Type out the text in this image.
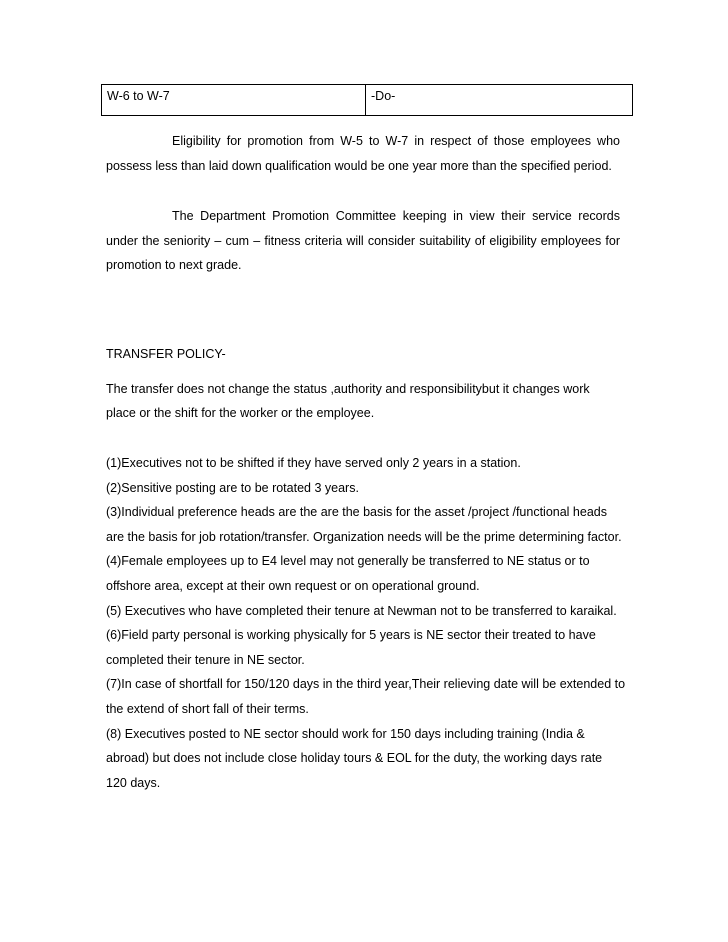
W-6 to W-7	-Do-

Eligibility for promotion from W-5 to W-7 in respect of those employees who possess less than laid down qualification would be one year more than the specified period.

The Department Promotion Committee keeping in view their service records under the seniority – cum – fitness criteria will consider suitability of eligibility employees for promotion to next grade.

TRANSFER POLICY-

The transfer does not change the status ,authority and responsibilitybut it changes work

place or the shift for the worker or the employee.

(1)Executives not to be shifted if they have served only 2 years in a station.

(2)Sensitive posting are to be rotated 3 years.

(3)Individual preference heads are the are the basis for the asset /project /functional heads are the basis for job rotation/transfer. Organization needs will be the prime determining factor.

(4)Female employees up to E4 level may not generally be transferred to NE status or to offshore area, except at their own request or on operational ground.

(5) Executives who have completed their tenure at Newman not to be transferred to karaikal.

(6)Field party personal is working physically for 5 years is NE sector their treated to have completed their tenure in NE sector.

(7)In case of shortfall for 150/120 days in the third year,Their relieving date will be extended to the extend of short fall of their terms.

(8) Executives posted to NE sector should work for 150 days including training (India & abroad) but does not include close holiday tours & EOL for the duty, the working days rate 120 days.
